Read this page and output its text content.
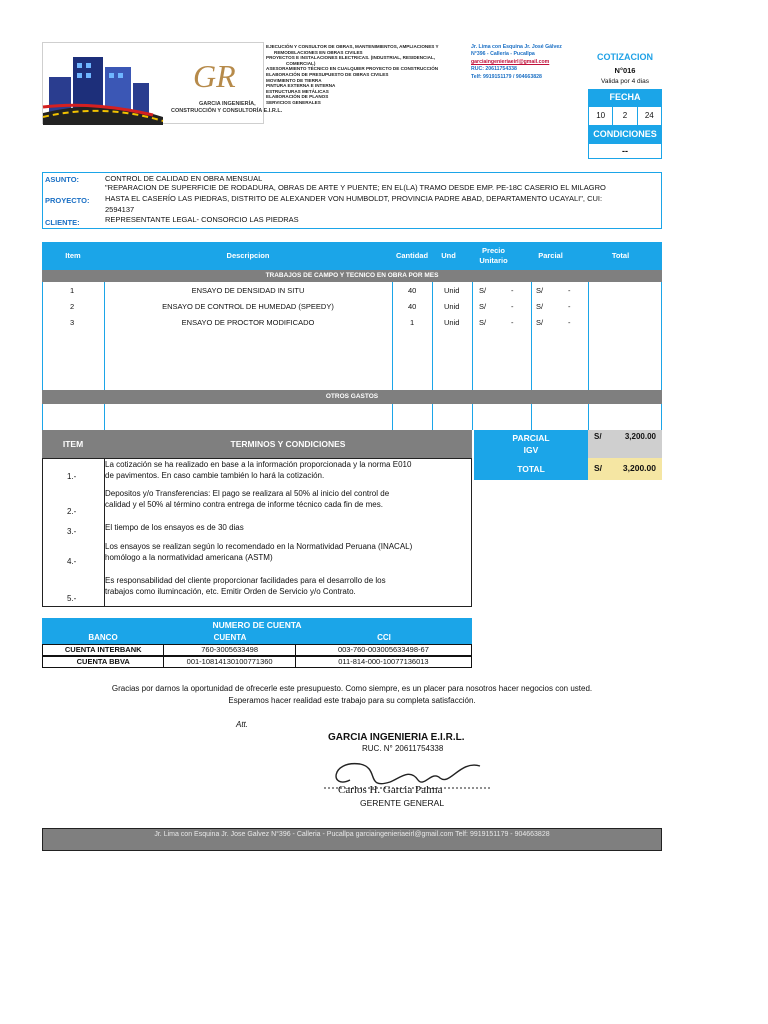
GR
GARCIA INGENIERÍA,
CONSTRUCCIÓN Y CONSULTORÍA E.I.R.L.
EJECUCIÓN Y CONSULTOR DE OBRAS, MANTENIMIENTOS, AMPLIACIONES Y
REMODELACIONES EN OBRAS CIVILES
PROYECTOS E INSTALACIONES ELECTRICAS. (INDUSTRIAL, RESIDENCIAL,
COMERCIAL)
ASESORAMIENTO TÉCNICO EN CUALQUIER PROYECTO DE CONSTRUCCIÓN
ELABORACIÓN DE PRESUPUESTO DE OBRAS CIVILES
MOVIMIENTO DE TIERRA
PINTURA EXTERNA E INTERNA
ESTRUCTURAS METÁLICAS
ELABORACIÓN DE PLANOS
SERVICIOS GENERALES
Jr. Lima con Esquina Jr. José Gálvez
N°396 - Callería - Pucallpa
garciaingenieriaeirl@gmail.com
RUC: 20611754338
Telf: 9919151179 / 904663828
COTIZACION
N°016
Valida por 4 dias
FECHA
10	2	24
CONDICIONES
--
ASUNTO:	CONTROL DE CALIDAD EN OBRA MENSUAL
PROYECTO:
"REPARACION DE SUPERFICIE DE RODADURA, OBRAS DE ARTE Y PUENTE; EN EL(LA) TRAMO DESDE EMP. PE-18C CASERIO EL MILAGRO
HASTA EL CASERÍO LAS PIEDRAS, DISTRITO DE ALEXANDER VON HUMBOLDT, PROVINCIA PADRE ABAD, DEPARTAMENTO UCAYALI", CUI:
2594137
CLIENTE:	REPRESENTANTE LEGAL- CONSORCIO LAS PIEDRAS
Item	Descripcion	Cantidad	Und
Precio
Unitario
Parcial	Total
TRABAJOS DE CAMPO Y TECNICO EN OBRA POR MES
1	ENSAYO DE DENSIDAD IN SITU	40	Unid	S/	-	S/	-
2	ENSAYO DE CONTROL DE HUMEDAD (SPEEDY)	40	Unid	S/	-	S/	-
3	ENSAYO DE PROCTOR MODIFICADO	1	Unid	S/	-	S/	-
OTROS GASTOS
ITEM	TERMINOS Y CONDICIONES
1.-
La cotización se ha realizado en base a la información proporcionada y la norma E010
de pavimentos. En caso cambie también lo hará la cotización.
2.-
Depositos y/o Transferencias: El pago se realizara al 50% al inicio del control de
calidad y el 50% al término contra entrega de informe técnico cada fin de mes.
3.-	El tiempo de los ensayos es de 30 dias
4.-
Los ensayos se realizan según lo recomendado en la Normatividad Peruana (INACAL)
homólogo a la normatividad americana (ASTM)
5.-
Es responsabilidad del cliente proporcionar facilidades para el desarrollo de los
trabajos como ilumincación, etc. Emitir Orden de Servicio y/o Contrato.
PARCIAL
IGV
S/	3,200.00
TOTAL	S/ 3,200.00
NUMERO DE CUENTA
BANCO	CUENTA	CCI
CUENTA INTERBANK	760-3005633498	003-760-003005633498-67
CUENTA BBVA	001-10814130100771360	011-814-000-10077136013
Gracias por darnos la oportunidad de ofrecerle este presupuesto. Como siempre, es un placer para nosotros hacer negocios con usted.
Esperamos hacer realidad este trabajo para su completa satisfacción.
Att.
GARCIA INGENIERIA E.I.R.L.
RUC. N° 20611754338
Carlos H. Garcia Palma
GERENTE GENERAL
Jr. Lima con Esquina Jr. Jose Galvez N°396 - Calleria - Pucallpa garciaingenieriaeirl@gmail.com Telf: 9919151179 - 904663828
